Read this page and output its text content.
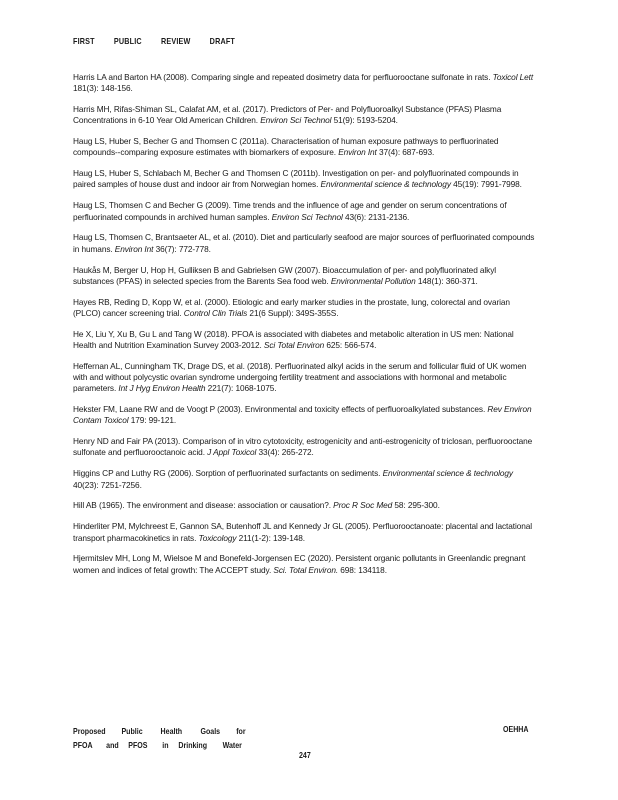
FIRST PUBLIC REVIEW DRAFT

Harris LA and Barton HA (2008). Comparing single and repeated dosimetry data for perfluorooctane sulfonate in rats. Toxicol Lett 181(3): 148-156.

Harris MH, Rifas-Shiman SL, Calafat AM, et al. (2017). Predictors of Per- and Polyfluoroalkyl Substance (PFAS) Plasma Concentrations in 6-10 Year Old American Children. Environ Sci Technol 51(9): 5193-5204.

Haug LS, Huber S, Becher G and Thomsen C (2011a). Characterisation of human exposure pathways to perfluorinated compounds--comparing exposure estimates with biomarkers of exposure. Environ Int 37(4): 687-693.

Haug LS, Huber S, Schlabach M, Becher G and Thomsen C (2011b). Investigation on per- and polyfluorinated compounds in paired samples of house dust and indoor air from Norwegian homes. Environmental science & technology 45(19): 7991-7998.

Haug LS, Thomsen C and Becher G (2009). Time trends and the influence of age and gender on serum concentrations of perfluorinated compounds in archived human samples. Environ Sci Technol 43(6): 2131-2136.

Haug LS, Thomsen C, Brantsaeter AL, et al. (2010). Diet and particularly seafood are major sources of perfluorinated compounds in humans. Environ Int 36(7): 772-778.

Haukås M, Berger U, Hop H, Gulliksen B and Gabrielsen GW (2007). Bioaccumulation of per- and polyfluorinated alkyl substances (PFAS) in selected species from the Barents Sea food web. Environmental Pollution 148(1): 360-371.

Hayes RB, Reding D, Kopp W, et al. (2000). Etiologic and early marker studies in the prostate, lung, colorectal and ovarian (PLCO) cancer screening trial. Control Clin Trials 21(6 Suppl): 349S-355S.

He X, Liu Y, Xu B, Gu L and Tang W (2018). PFOA is associated with diabetes and metabolic alteration in US men: National Health and Nutrition Examination Survey 2003-2012. Sci Total Environ 625: 566-574.

Heffernan AL, Cunningham TK, Drage DS, et al. (2018). Perfluorinated alkyl acids in the serum and follicular fluid of UK women with and without polycystic ovarian syndrome undergoing fertility treatment and associations with hormonal and metabolic parameters. Int J Hyg Environ Health 221(7): 1068-1075.

Hekster FM, Laane RW and de Voogt P (2003). Environmental and toxicity effects of perfluoroalkylated substances. Rev Environ Contam Toxicol 179: 99-121.

Henry ND and Fair PA (2013). Comparison of in vitro cytotoxicity, estrogenicity and anti-estrogenicity of triclosan, perfluorooctane sulfonate and perfluorooctanoic acid. J Appl Toxicol 33(4): 265-272.

Higgins CP and Luthy RG (2006). Sorption of perfluorinated surfactants on sediments. Environmental science & technology 40(23): 7251-7256.

Hill AB (1965). The environment and disease: association or causation?. Proc R Soc Med 58: 295-300.

Hinderliter PM, Mylchreest E, Gannon SA, Butenhoff JL and Kennedy Jr GL (2005). Perfluorooctanoate: placental and lactational transport pharmacokinetics in rats. Toxicology 211(1-2): 139-148.

Hjermitslev MH, Long M, Wielsoe M and Bonefeld-Jorgensen EC (2020). Persistent organic pollutants in Greenlandic pregnant women and indices of fetal growth: The ACCEPT study. Sci. Total Environ. 698: 134118.

Proposed	Public	Health	Goals	for
PFOA	and	PFOS	in	Drinking	Water
OEHHA
247
